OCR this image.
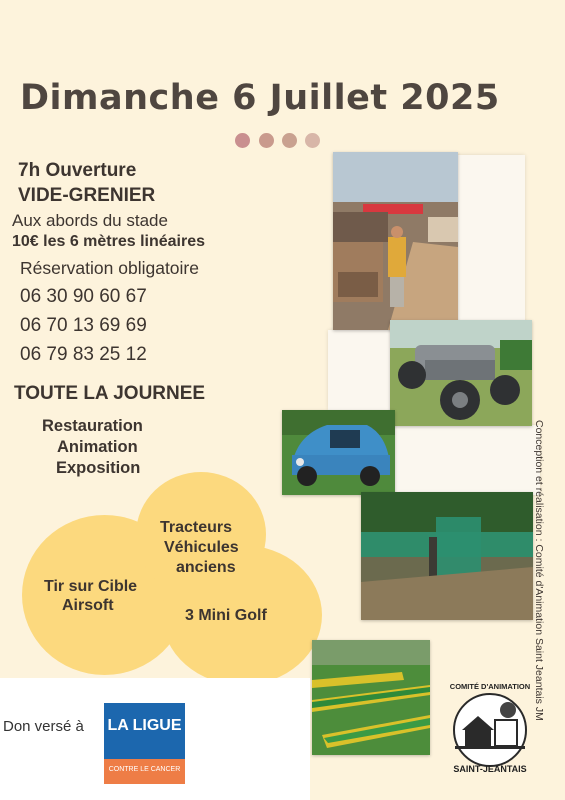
Dimanche 6 Juillet 2025
7h Ouverture
VIDE-GRENIER
Aux abords du stade
10€ les 6 mètres linéaires
Réservation obligatoire
06 30 90 60 67
06 70 13 69 69
06 79 83 25 12
TOUTE LA JOURNEE
Restauration
Animation
Exposition
Tracteurs
Véhicules
anciens
Tir sur Cible
Airsoft
3 Mini Golf	Conception et réalisation : Comité d'Animation Saint Jeantais JM
Don versé à LA LIGUE
CONTRE LE CANCER
COMITÉ D'ANIMATION
SAINT-JEANTAIS
